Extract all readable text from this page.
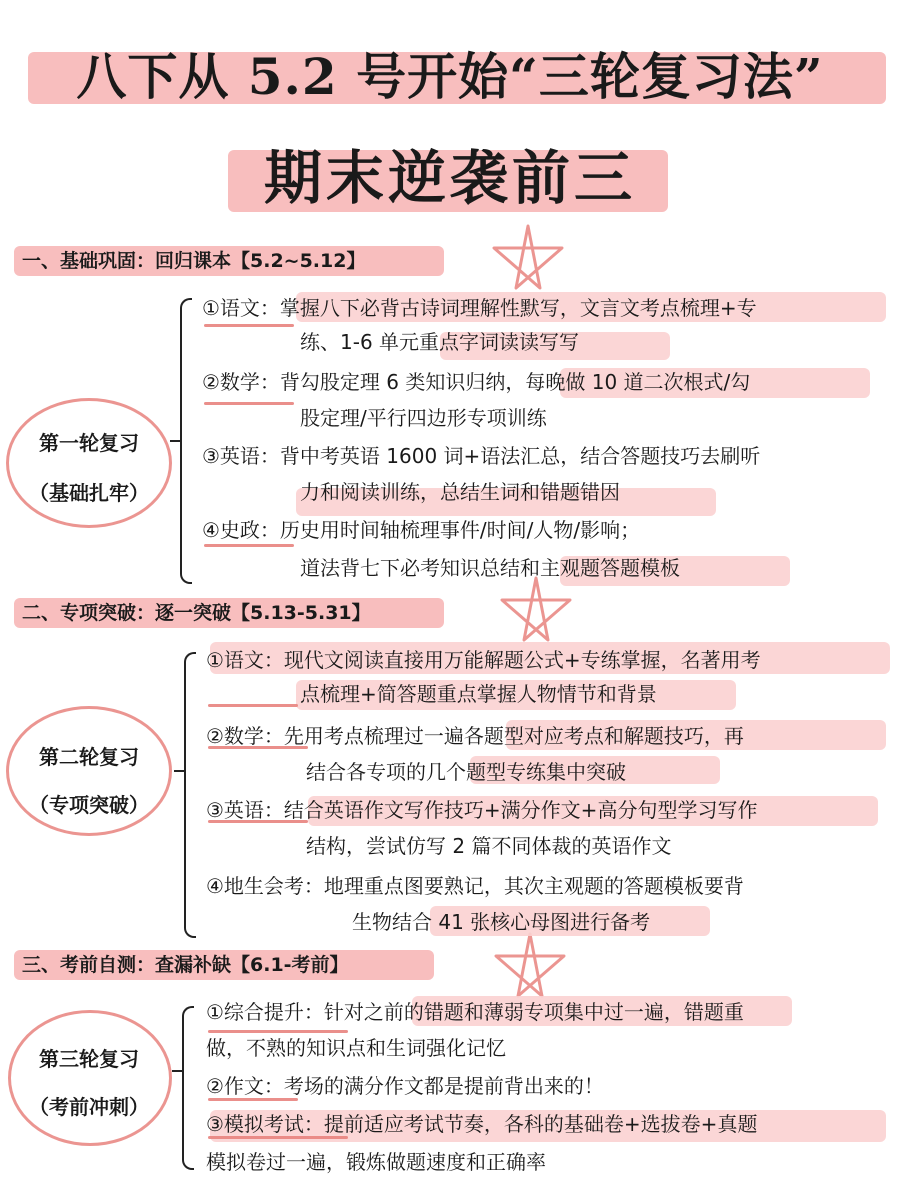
八下从 5.2 号开始“三轮复习法”
期末逆袭前三
一、基础巩固：回归课本【5.2~5.12】
第一轮复习
（基础扎牢）
①语文：掌握八下必背古诗词理解性默写，文言文考点梳理+专
练、1-6 单元重点字词读读写写
②数学：背勾股定理 6 类知识归纳，每晚做 10 道二次根式/勾
股定理/平行四边形专项训练
③英语：背中考英语 1600 词+语法汇总，结合答题技巧去刷听
力和阅读训练，总结生词和错题错因
④史政：历史用时间轴梳理事件/时间/人物/影响；
道法背七下必考知识总结和主观题答题模板
二、专项突破：逐一突破【5.13-5.31】
第二轮复习
（专项突破）
①语文：现代文阅读直接用万能解题公式+专练掌握，名著用考
点梳理+简答题重点掌握人物情节和背景
②数学：先用考点梳理过一遍各题型对应考点和解题技巧，再
结合各专项的几个题型专练集中突破
③英语：结合英语作文写作技巧+满分作文+高分句型学习写作
结构，尝试仿写 2 篇不同体裁的英语作文
④地生会考：地理重点图要熟记，其次主观题的答题模板要背
生物结合 41 张核心母图进行备考
三、考前自测：查漏补缺【6.1-考前】
第三轮复习
（考前冲刺）
①综合提升：针对之前的错题和薄弱专项集中过一遍，错题重
做，不熟的知识点和生词强化记忆
②作文：考场的满分作文都是提前背出来的！
③模拟考试：提前适应考试节奏，各科的基础卷+选拔卷+真题
模拟卷过一遍，锻炼做题速度和正确率
